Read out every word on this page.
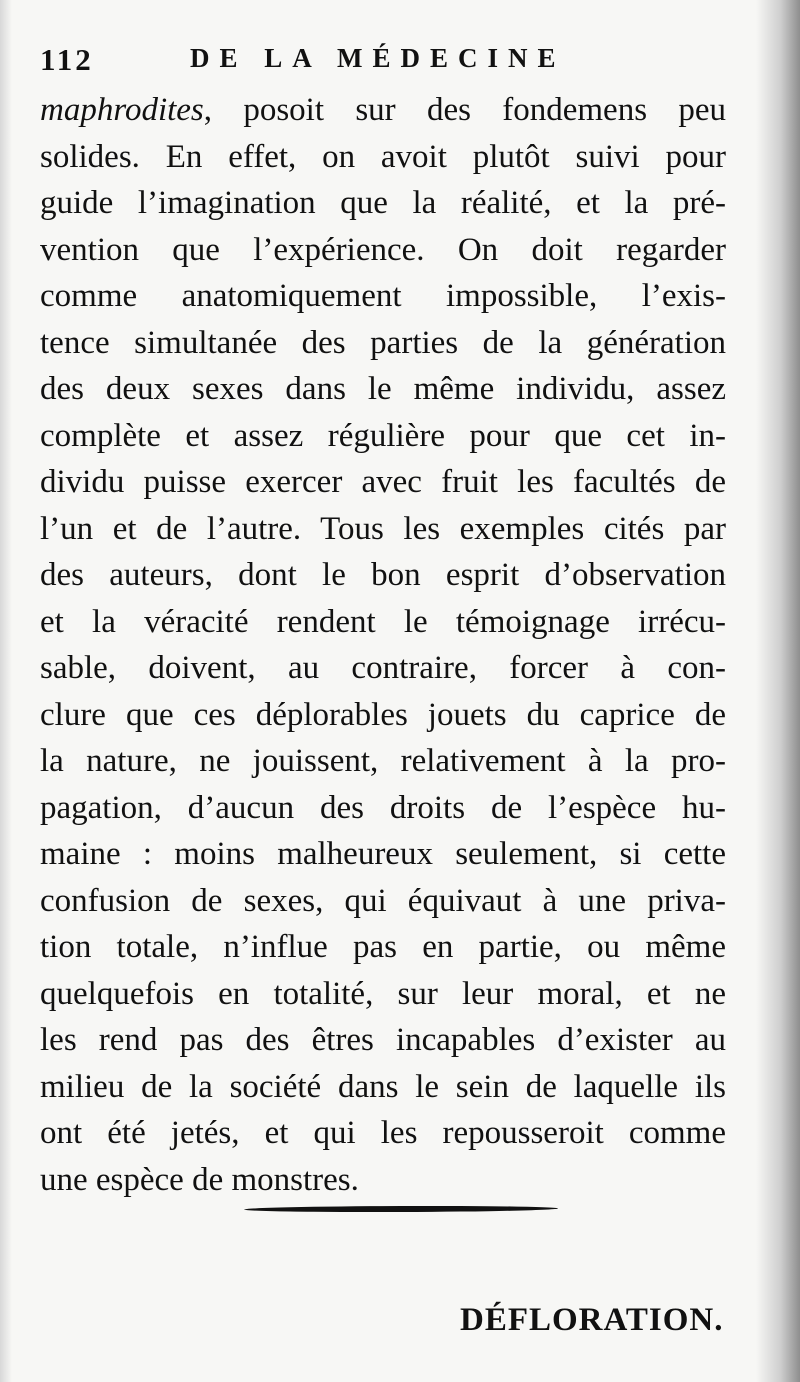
112	DE LA MÉDECINE
maphrodites, posoit sur des fondemens peu
solides. En effet, on avoit plutôt suivi pour
guide l’imagination que la réalité, et la pré-
vention que l’expérience. On doit regarder
comme anatomiquement impossible, l’exis-
tence simultanée des parties de la génération
des deux sexes dans le même individu, assez
complète et assez régulière pour que cet in-
dividu puisse exercer avec fruit les facultés de
l’un et de l’autre. Tous les exemples cités par
des auteurs, dont le bon esprit d’observation
et la véracité rendent le témoignage irrécu-
sable, doivent, au contraire, forcer à con-
clure que ces déplorables jouets du caprice de
la nature, ne jouissent, relativement à la pro-
pagation, d’aucun des droits de l’espèce hu-
maine : moins malheureux seulement, si cette
confusion de sexes, qui équivaut à une priva-
tion totale, n’influe pas en partie, ou même
quelquefois en totalité, sur leur moral, et ne
les rend pas des êtres incapables d’exister au
milieu de la société dans le sein de laquelle ils
ont été jetés, et qui les repousseroit comme
une espèce de monstres.
DÉFLORATION.
